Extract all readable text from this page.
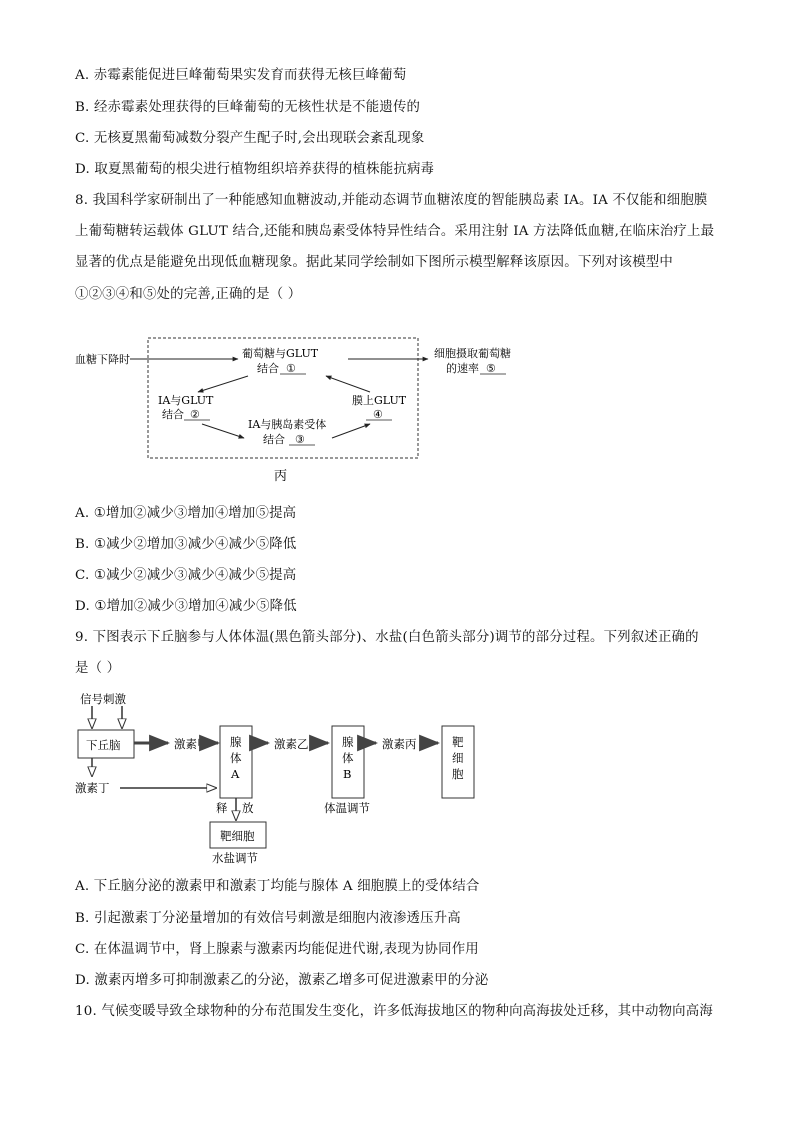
A. 赤霉素能促进巨峰葡萄果实发育而获得无核巨峰葡萄
B. 经赤霉素处理获得的巨峰葡萄的无核性状是不能遗传的
C. 无核夏黑葡萄减数分裂产生配子时,会出现联会紊乱现象
D. 取夏黑葡萄的根尖进行植物组织培养获得的植株能抗病毒
8. 我国科学家研制出了一种能感知血糖波动,并能动态调节血糖浓度的智能胰岛素 IA。IA 不仅能和细胞膜
上葡萄糖转运载体 GLUT 结合,还能和胰岛素受体特异性结合。采用注射 IA 方法降低血糖,在临床治疗上最
显著的优点是能避免出现低血糖现象。据此某同学绘制如下图所示模型解释该原因。下列对该模型中
①②③④和⑤处的完善,正确的是（ ）
血糖下降时	葡萄糖与GLUT
结合 ①
细胞摄取葡萄糖
的速率 ⑤
IA与GLUT
结合 ②
膜上GLUT
④
IA与胰岛素受体
结合 ③
丙
A. ①增加②减少③增加④增加⑤提高
B. ①减少②增加③减少④减少⑤降低
C. ①减少②减少③减少④减少⑤提高
D. ①增加②减少③增加④减少⑤降低
9. 下图表示下丘脑参与人体体温(黑色箭头部分)、水盐(白色箭头部分)调节的部分过程。下列叙述正确的
是（ ）
信号刺激
下丘脑	激素甲 腺
体
A
激素乙	腺
体
B
激素丙	靶
细
胞
激素丁
释 放
靶细胞
水盐调节
体温调节
A. 下丘脑分泌的激素甲和激素丁均能与腺体 A 细胞膜上的受体结合
B. 引起激素丁分泌量增加的有效信号刺激是细胞内液渗透压升高
C. 在体温调节中，肾上腺素与激素丙均能促进代谢,表现为协同作用
D. 激素丙增多可抑制激素乙的分泌，激素乙增多可促进激素甲的分泌
10. 气候变暖导致全球物种的分布范围发生变化，许多低海拔地区的物种向高海拔处迁移，其中动物向高海
